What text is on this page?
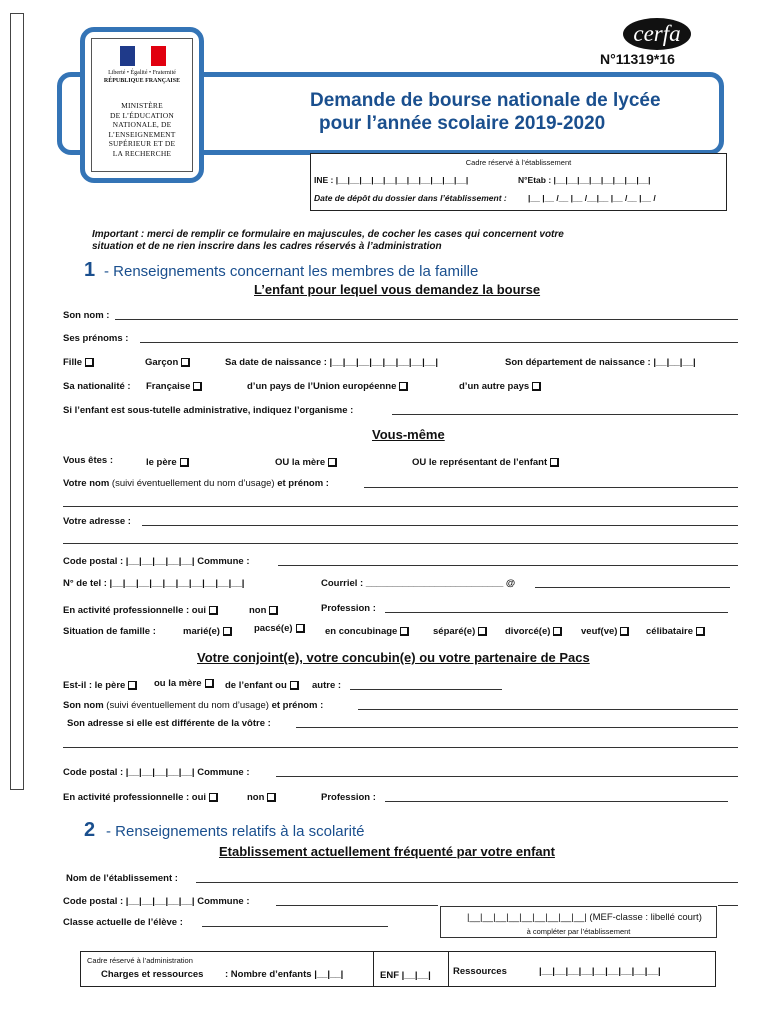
Liberté • Égalité • Fraternité
RÉPUBLIQUE FRANÇAISE
MINISTÈRE
DE L’ÉDUCATION
NATIONALE, DE
L’ENSEIGNEMENT
SUPÉRIEUR ET DE
LA RECHERCHE
cerfa
N°11319*16
Demande de bourse nationale de lycée
pour l’année scolaire 2019-2020
Cadre réservé à l’établissement
INE : |__|__|__|__|__|__|__|__|__|__|__|	N°Etab : |__|__|__|__|__|__|__|__|
Date de dépôt du dossier dans l’établissement :	|__ |__ /__ |__ /__|__ |__ /__ |__ /
Important : merci de remplir ce formulaire en majuscules, de cocher les cases qui concernent votre
situation et de ne rien inscrire dans les cadres réservés à l’administration
1 - Renseignements concernant les membres de la famille
L’enfant pour lequel vous demandez la bourse
Son nom :
Ses prénoms :
Fille	Garçon	Sa date de naissance : |__|__|__|__|__|__|__|__|	Son département de naissance : |__|__|__|
Sa nationalité : Française	d’un pays de l’Union européenne	d’un autre pays
Si l’enfant est sous-tutelle administrative, indiquez l’organisme :
Vous-même
Vous êtes :	le père	OU la mère	OU le représentant de l’enfant
Votre nom (suivi éventuellement du nom d’usage) et prénom :
Votre adresse :
Code postal : |__|__|__|__|__| Commune :
N° de tel : |__|__|__|__|__|__|__|__|__|__|	Courriel : __________________________ @
En activité professionnelle : oui	non	Profession :
Situation de famille :	marié(e)	pacsé(e)	en concubinage	séparé(e)	divorcé(e)	veuf(ve)	célibataire
Votre conjoint(e), votre concubin(e) ou votre partenaire de Pacs
Est-il : le père	ou la mère	de l’enfant ou	autre :
Son nom (suivi éventuellement du nom d’usage) et prénom :
Son adresse si elle est différente de la vôtre :
Code postal : |__|__|__|__|__| Commune :
En activité professionnelle : oui	non	Profession :
2 - Renseignements relatifs à la scolarité
Etablissement actuellement fréquenté par votre enfant
Nom de l’établissement :
Code postal : |__|__|__|__|__| Commune :
Classe actuelle de l’élève :	|__|__|__|__|__|__|__|__|__| (MEF-classe : libellé court)
à compléter par l’établissement
Cadre réservé à l’administration
Charges et ressources : Nombre d’enfants |__|__|	ENF |__|__| Ressources	|__|__|__|__|__|__|__|__|__|
